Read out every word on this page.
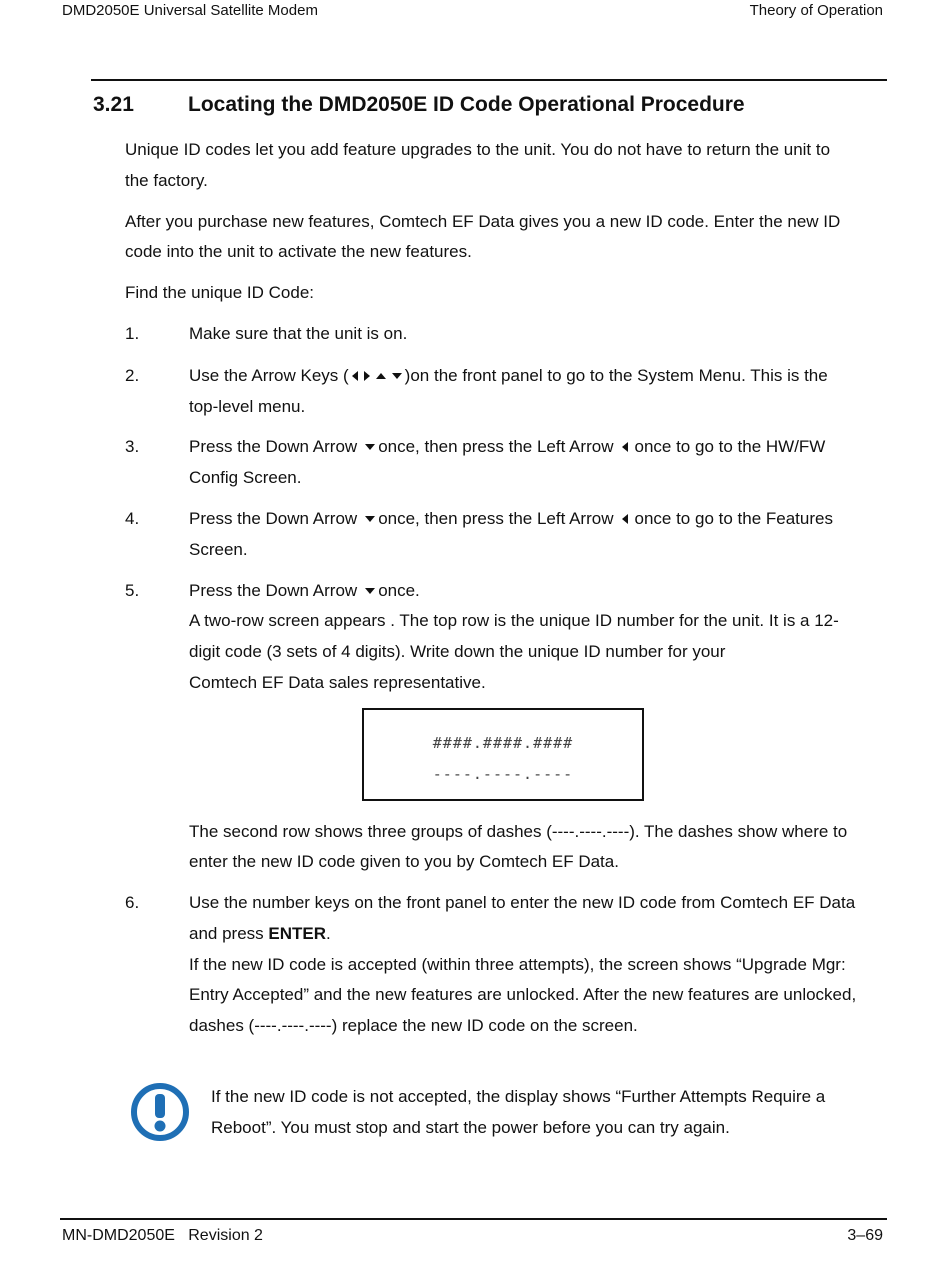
DMD2050E Universal Satellite Modem	Theory of Operation
3.21	Locating the DMD2050E ID Code Operational Procedure
Unique ID codes let you add feature upgrades to the unit. You do not have to return the unit to
the factory.
After you purchase new features, Comtech EF Data gives you a new ID code. Enter the new ID
code into the unit to activate the new features.
Find the unique ID Code:
1.	Make sure that the unit is on.
2.	Use the Arrow Keys (	)on the front panel to go to the System Menu. This is the
top-level menu.
3.	Press the Down Arrow once, then press the Left Arrow once to go to the HW/FW
Config Screen.
4.	Press the Down Arrow once, then press the Left Arrow once to go to the Features
Screen.
5.	Press the Down Arrow once.
A two-row screen appears . The top row is the unique ID number for the unit. It is a 12-
digit code (3 sets of 4 digits). Write down the unique ID number for your
Comtech EF Data sales representative.
####.####.####
----.----.----
The second row shows three groups of dashes (----.----.----). The dashes show where to
enter the new ID code given to you by Comtech EF Data.
6.	Use the number keys on the front panel to enter the new ID code from Comtech EF Data
and press ENTER.
If the new ID code is accepted (within three attempts), the screen shows “Upgrade Mgr:
Entry Accepted” and the new features are unlocked. After the new features are unlocked,
dashes (----.----.----) replace the new ID code on the screen.
If the new ID code is not accepted, the display shows “Further Attempts Require a
Reboot”. You must stop and start the power before you can try again.
MN-DMD2050E   Revision 2	3–69
